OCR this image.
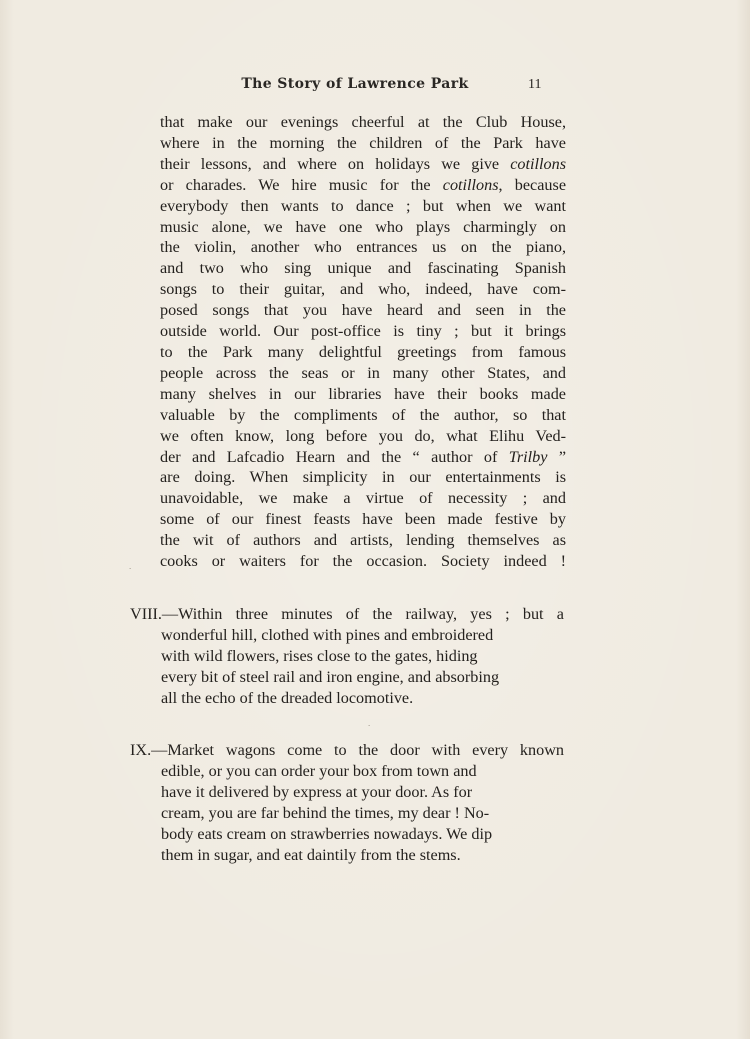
The Story of Lawrence Park	11
that make our evenings cheerful at the Club House,
where in the morning the children of the Park have
their lessons, and where on holidays we give cotillons
or charades. We hire music for the cotillons, because
everybody then wants to dance ; but when we want
music alone, we have one who plays charmingly on
the violin, another who entrances us on the piano,
and two who sing unique and fascinating Spanish
songs to their guitar, and who, indeed, have com-
posed songs that you have heard and seen in the
outside world. Our post-office is tiny ; but it brings
to the Park many delightful greetings from famous
people across the seas or in many other States, and
many shelves in our libraries have their books made
valuable by the compliments of the author, so that
we often know, long before you do, what Elihu Ved-
der and Lafcadio Hearn and the “ author of Trilby ”
are doing. When simplicity in our entertainments is
unavoidable, we make a virtue of necessity ; and
some of our finest feasts have been made festive by
the wit of authors and artists, lending themselves as
cooks or waiters for the occasion. Society indeed !
VIII.—Within three minutes of the railway, yes ; but a
wonderful hill, clothed with pines and embroidered
with wild flowers, rises close to the gates, hiding
every bit of steel rail and iron engine, and absorbing
all the echo of the dreaded locomotive.
IX.—Market wagons come to the door with every known
edible, or you can order your box from town and
have it delivered by express at your door. As for
cream, you are far behind the times, my dear ! No-
body eats cream on strawberries nowadays. We dip
them in sugar, and eat daintily from the stems.
·
·
